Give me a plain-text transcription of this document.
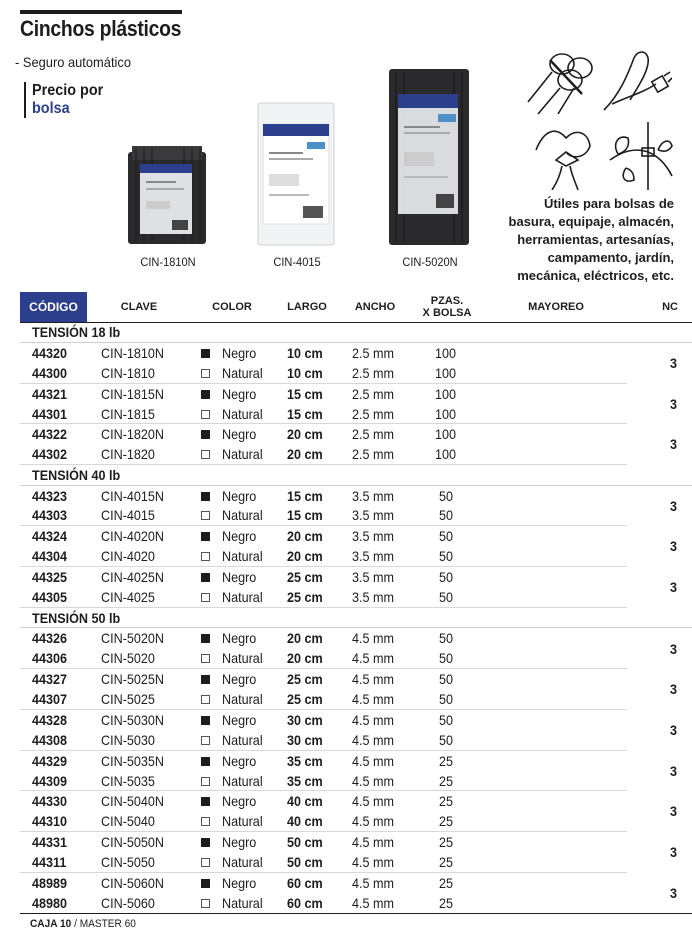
Cinchos plásticos
- Seguro automático
Precio por
bolsa
CIN-1810N	CIN-4015	CIN-5020N
Útiles para bolsas de
basura, equipaje, almacén,
herramientas, artesanías,
campamento, jardín,
mecánica, eléctricos, etc.
CÓDIGO	CLAVE	COLOR	LARGO	ANCHO	PZAS.
X BOLSA	MAYOREO	NC
TENSIÓN 18 lb							
44320	CIN-1810N	Negro	10 cm	2.5 mm	100		3
44300	CIN-1810	Natural	10 cm	2.5 mm	100		
44321	CIN-1815N	Negro	15 cm	2.5 mm	100		3
44301	CIN-1815	Natural	15 cm	2.5 mm	100		
44322	CIN-1820N	Negro	20 cm	2.5 mm	100		3
44302	CIN-1820	Natural	20 cm	2.5 mm	100		
TENSIÓN 40 lb							
44323	CIN-4015N	Negro	15 cm	3.5 mm	50		3
44303	CIN-4015	Natural	15 cm	3.5 mm	50		
44324	CIN-4020N	Negro	20 cm	3.5 mm	50		3
44304	CIN-4020	Natural	20 cm	3.5 mm	50		
44325	CIN-4025N	Negro	25 cm	3.5 mm	50		3
44305	CIN-4025	Natural	25 cm	3.5 mm	50		
TENSIÓN 50 lb							
44326	CIN-5020N	Negro	20 cm	4.5 mm	50		3
44306	CIN-5020	Natural	20 cm	4.5 mm	50		
44327	CIN-5025N	Negro	25 cm	4.5 mm	50		3
44307	CIN-5025	Natural	25 cm	4.5 mm	50		
44328	CIN-5030N	Negro	30 cm	4.5 mm	50		3
44308	CIN-5030	Natural	30 cm	4.5 mm	50		
44329	CIN-5035N	Negro	35 cm	4.5 mm	25		3
44309	CIN-5035	Natural	35 cm	4.5 mm	25		
44330	CIN-5040N	Negro	40 cm	4.5 mm	25		3
44310	CIN-5040	Natural	40 cm	4.5 mm	25		
44331	CIN-5050N	Negro	50 cm	4.5 mm	25		3
44311	CIN-5050	Natural	50 cm	4.5 mm	25		
48989	CIN-5060N	Negro	60 cm	4.5 mm	25		3
48980	CIN-5060	Natural	60 cm	4.5 mm	25		
CAJA 10 / MASTER 60
